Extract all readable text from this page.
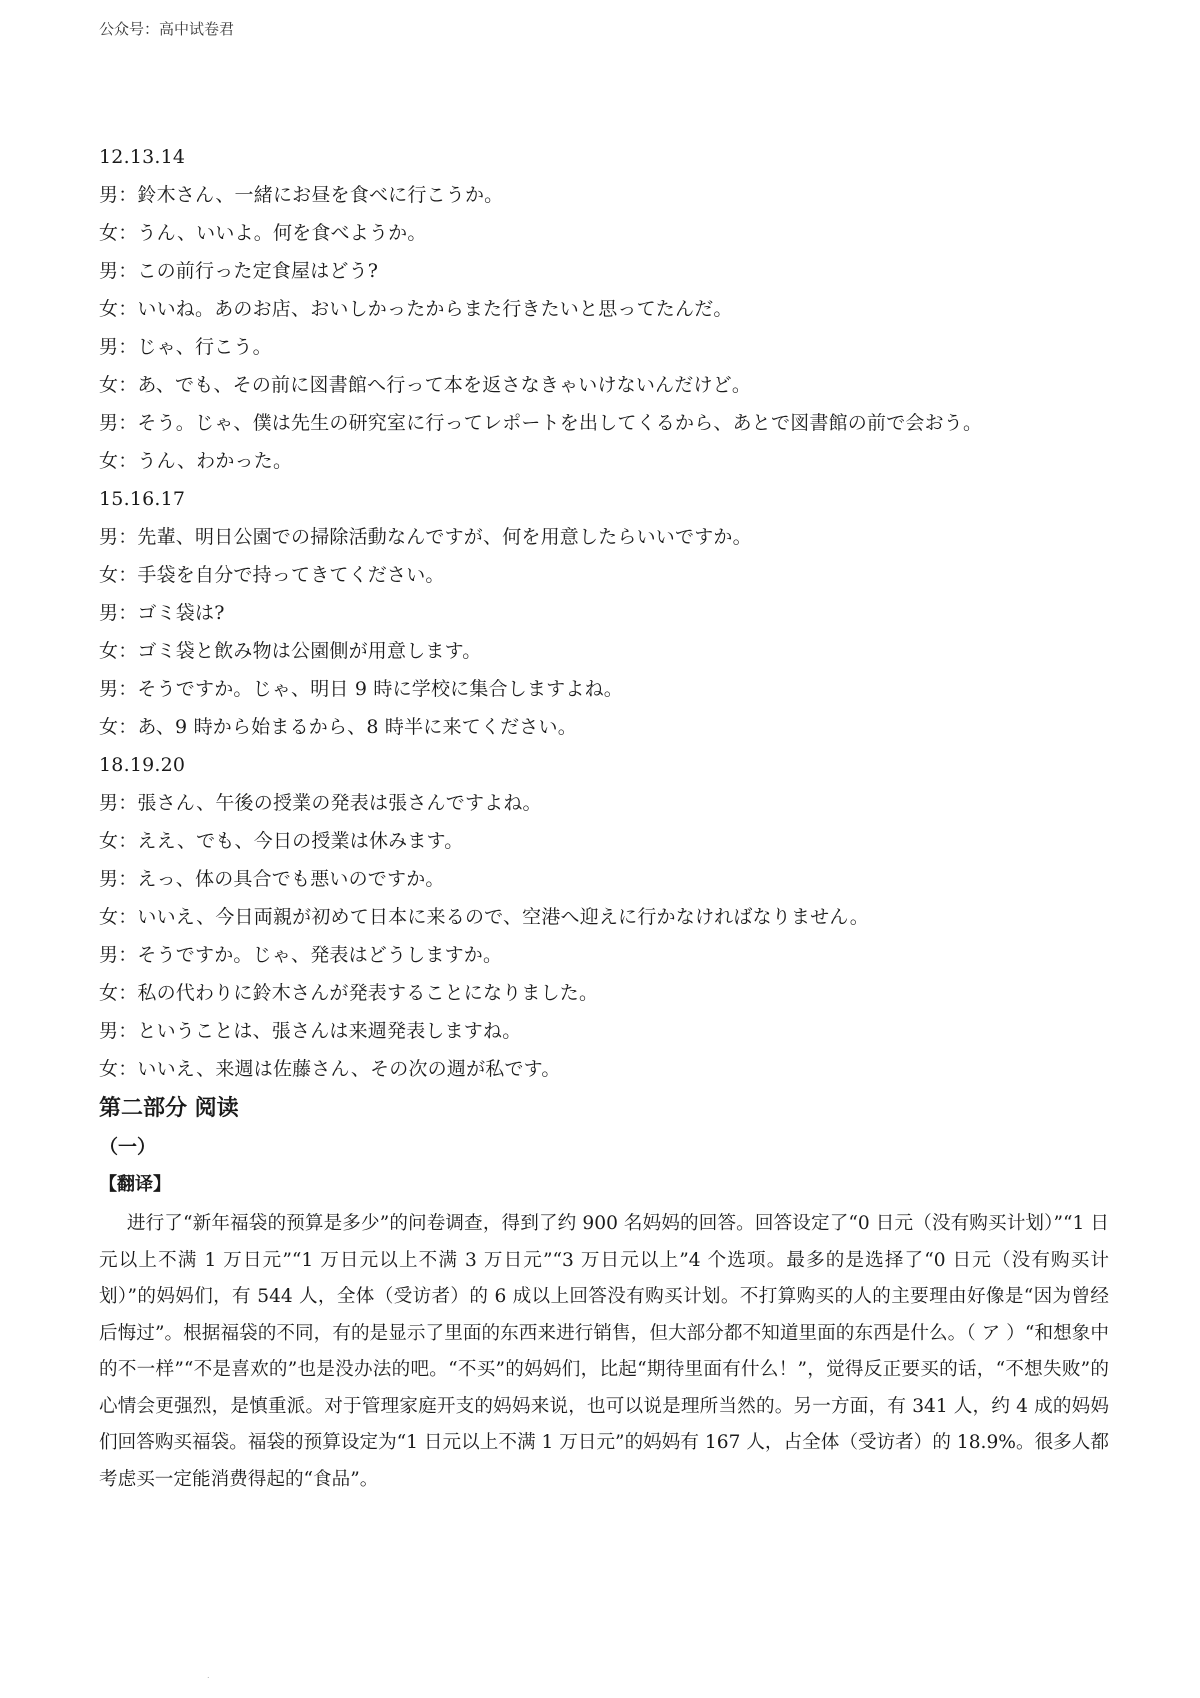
公众号：高中试卷君
12.13.14
男：鈴木さん、一緒にお昼を食べに行こうか。
女：うん、いいよ。何を食べようか。
男：この前行った定食屋はどう?
女：いいね。あのお店、おいしかったからまた行きたいと思ってたんだ。
男：じゃ、行こう。
女：あ、でも、その前に図書館へ行って本を返さなきゃいけないんだけど。
男：そう。じゃ、僕は先生の研究室に行ってレポートを出してくるから、あとで図書館の前で会おう。
女：うん、わかった。
15.16.17
男：先輩、明日公園での掃除活動なんですが、何を用意したらいいですか。
女：手袋を自分で持ってきてください。
男：ゴミ袋は?
女：ゴミ袋と飲み物は公園側が用意します。
男：そうですか。じゃ、明日 9 時に学校に集合しますよね。
女：あ、9 時から始まるから、8 時半に来てください。
18.19.20
男：張さん、午後の授業の発表は張さんですよね。
女：ええ、でも、今日の授業は休みます。
男：えっ、体の具合でも悪いのですか。
女：いいえ、今日両親が初めて日本に来るので、空港へ迎えに行かなければなりません。
男：そうですか。じゃ、発表はどうしますか。
女：私の代わりに鈴木さんが発表することになりました。
男：ということは、張さんは来週発表しますね。
女：いいえ、来週は佐藤さん、その次の週が私です。
第二部分 阅读
（一）
【翻译】
进行了“新年福袋的预算是多少”的问卷调查，得到了约 900 名妈妈的回答。回答设定了“0 日元（没有购买计划）”“1 日元以上不满 1 万日元”“1 万日元以上不满 3 万日元”“3 万日元以上”4 个选项。最多的是选择了“0 日元（没有购买计划）”的妈妈们，有 544 人，全体（受访者）的 6 成以上回答没有购买计划。不打算购买的人的主要理由好像是“因为曾经后悔过”。根据福袋的不同，有的是显示了里面的东西来进行销售，但大部分都不知道里面的东西是什么。（ ア ）“和想象中的不一样”“不是喜欢的”也是没办法的吧。“不买”的妈妈们，比起“期待里面有什么！”，觉得反正要买的话，“不想失败”的心情会更强烈，是慎重派。对于管理家庭开支的妈妈来说，也可以说是理所当然的。另一方面，有 341 人，约 4 成的妈妈们回答购买福袋。福袋的预算设定为“1 日元以上不满 1 万日元”的妈妈有 167 人，占全体（受访者）的 18.9%。很多人都考虑买一定能消费得起的“食品”。
.
